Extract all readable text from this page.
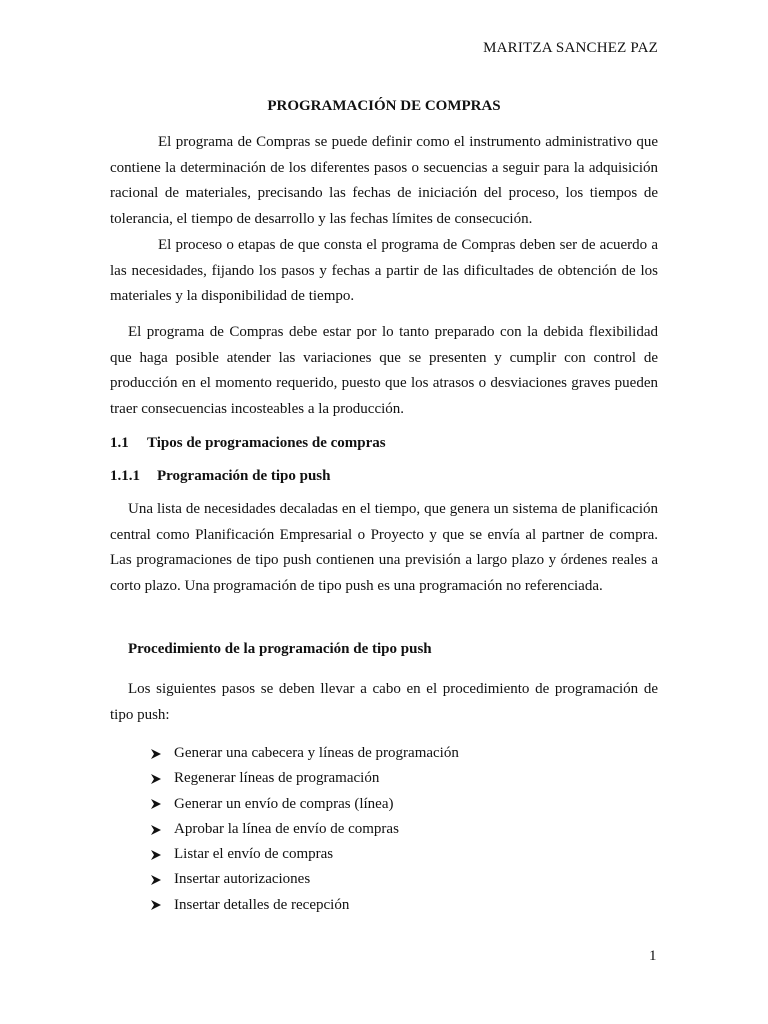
MARITZA SANCHEZ PAZ
PROGRAMACIÓN DE COMPRAS

El programa de Compras se puede definir como el instrumento administrativo que contiene la determinación de los diferentes pasos o secuencias a seguir para la adquisición racional de materiales, precisando las fechas de iniciación del proceso, los tiempos de tolerancia, el tiempo de desarrollo y las fechas límites de consecución.

El proceso o etapas de que consta el programa de Compras deben ser de acuerdo a las necesidades, fijando los pasos y fechas a partir de las dificultades de obtención de los materiales y la disponibilidad de tiempo.

El programa de Compras debe estar por lo tanto preparado con la debida flexibilidad que haga posible atender las variaciones que se presenten y cumplir con control de producción en el momento requerido, puesto que los atrasos o desviaciones graves pueden traer consecuencias incosteables a la producción.

1.1 Tipos de programaciones de compras
1.1.1 Programación de tipo push

Una lista de necesidades decaladas en el tiempo, que genera un sistema de planificación central como Planificación Empresarial o Proyecto y que se envía al partner de compra. Las programaciones de tipo push contienen una previsión a largo plazo y órdenes reales a corto plazo. Una programación de tipo push es una programación no referenciada.

Procedimiento de la programación de tipo push

Los siguientes pasos se deben llevar a cabo en el procedimiento de programación de tipo push:

Generar una cabecera y líneas de programación
Regenerar líneas de programación
Generar un envío de compras (línea)
Aprobar la línea de envío de compras
Listar el envío de compras
Insertar autorizaciones
Insertar detalles de recepción
1
